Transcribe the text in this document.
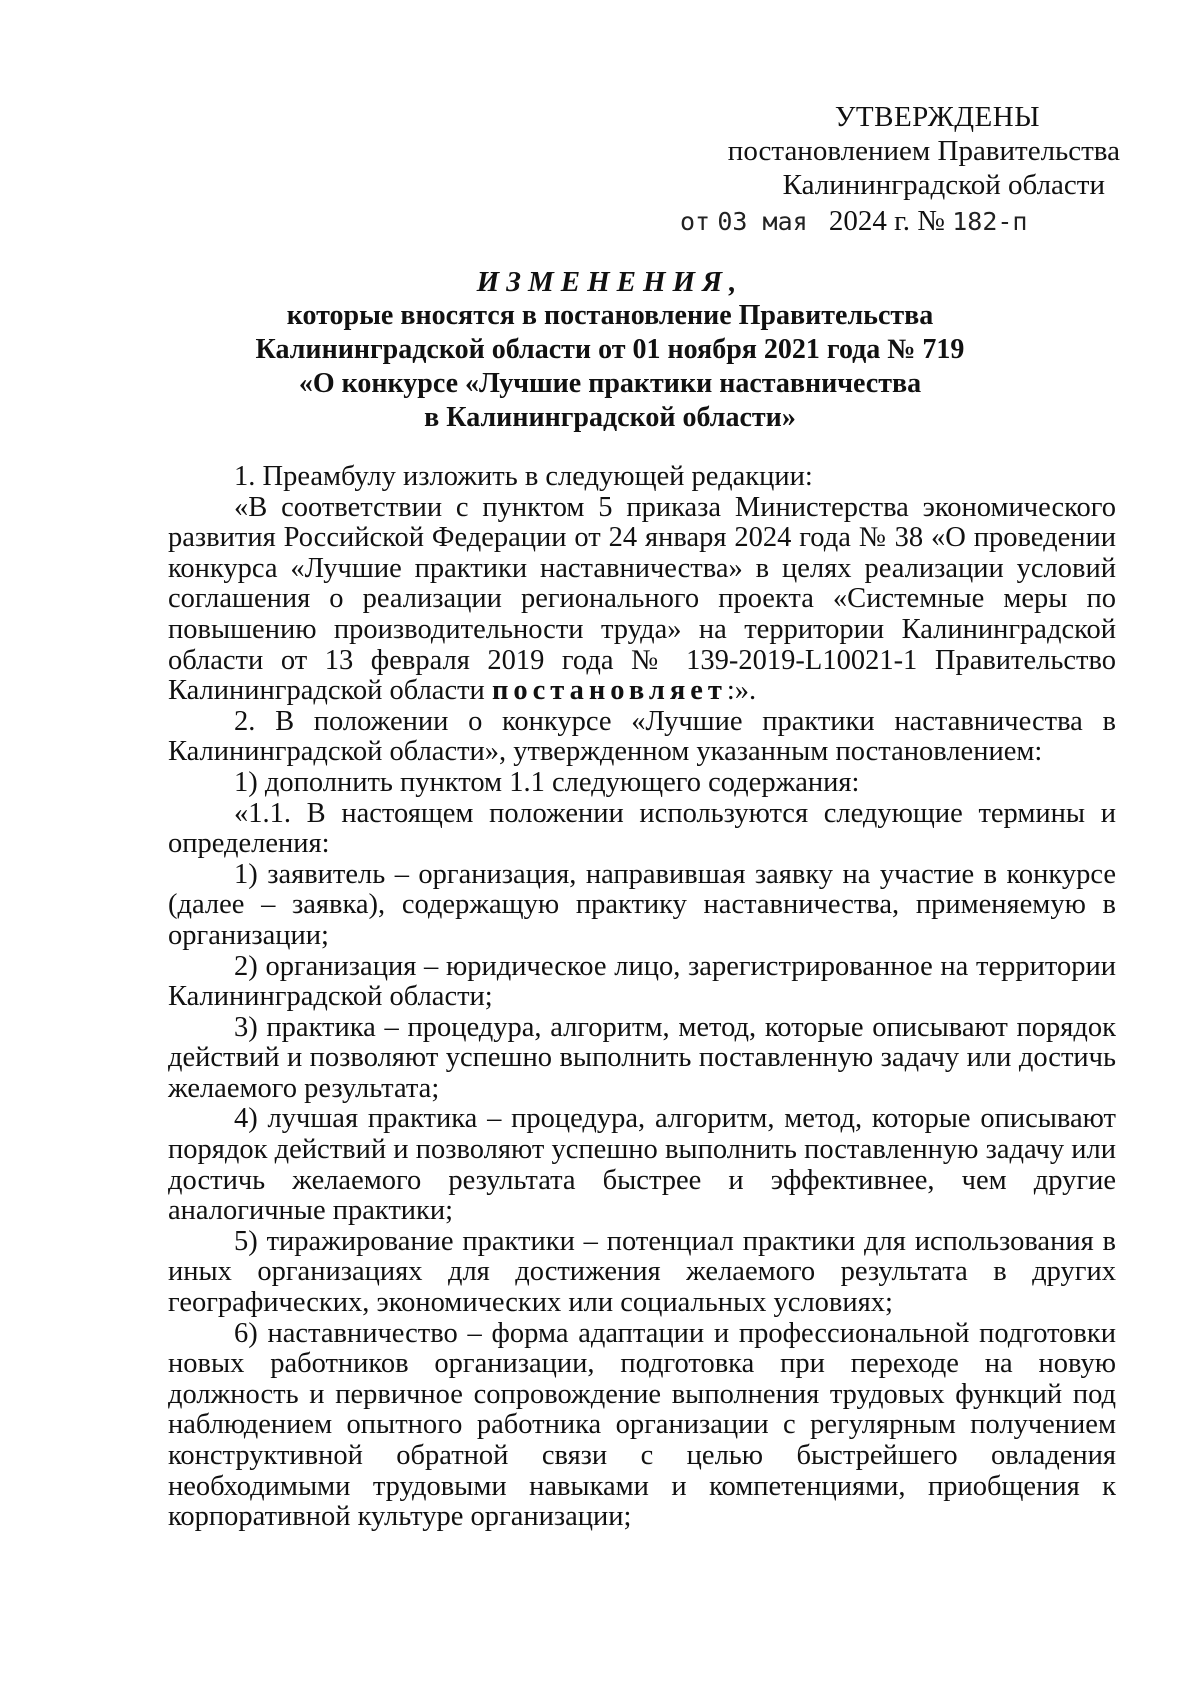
УТВЕРЖДЕНЫ
постановлением Правительства
Калининградской области
от 03 мая 2024 г. № 182-п
ИЗМЕНЕНИЯ,
которые вносятся в постановление Правительства
Калининградской области от 01 ноября 2021 года № 719
«О конкурсе «Лучшие практики наставничества
в Калининградской области»

1. Преамбулу изложить в следующей редакции:

«В соответствии с пунктом 5 приказа Министерства экономического развития Российской Федерации от 24 января 2024 года № 38 «О проведении конкурса «Лучшие практики наставничества» в целях реализации условий соглашения о реализации регионального проекта «Системные меры по повышению производительности труда» на территории Калининградской области от 13 февраля 2019 года № 139-2019-L10021-1 Правительство Калининградской области постановляет:».

2. В положении о конкурсе «Лучшие практики наставничества в Калининградской области», утвержденном указанным постановлением:

1) дополнить пунктом 1.1 следующего содержания:

«1.1. В настоящем положении используются следующие термины и определения:

1) заявитель – организация, направившая заявку на участие в конкурсе (далее – заявка), содержащую практику наставничества, применяемую в организации;

2) организация – юридическое лицо, зарегистрированное на территории Калининградской области;

3) практика – процедура, алгоритм, метод, которые описывают порядок действий и позволяют успешно выполнить поставленную задачу или достичь желаемого результата;

4) лучшая практика – процедура, алгоритм, метод, которые описывают порядок действий и позволяют успешно выполнить поставленную задачу или достичь желаемого результата быстрее и эффективнее, чем другие аналогичные практики;

5) тиражирование практики – потенциал практики для использования в иных организациях для достижения желаемого результата в других географических, экономических или социальных условиях;

6) наставничество – форма адаптации и профессиональной подготовки новых работников организации, подготовка при переходе на новую должность и первичное сопровождение выполнения трудовых функций под наблюдением опытного работника организации с регулярным получением конструктивной обратной связи с целью быстрейшего овладения необходимыми трудовыми навыками и компетенциями, приобщения к корпоративной культуре организации;
